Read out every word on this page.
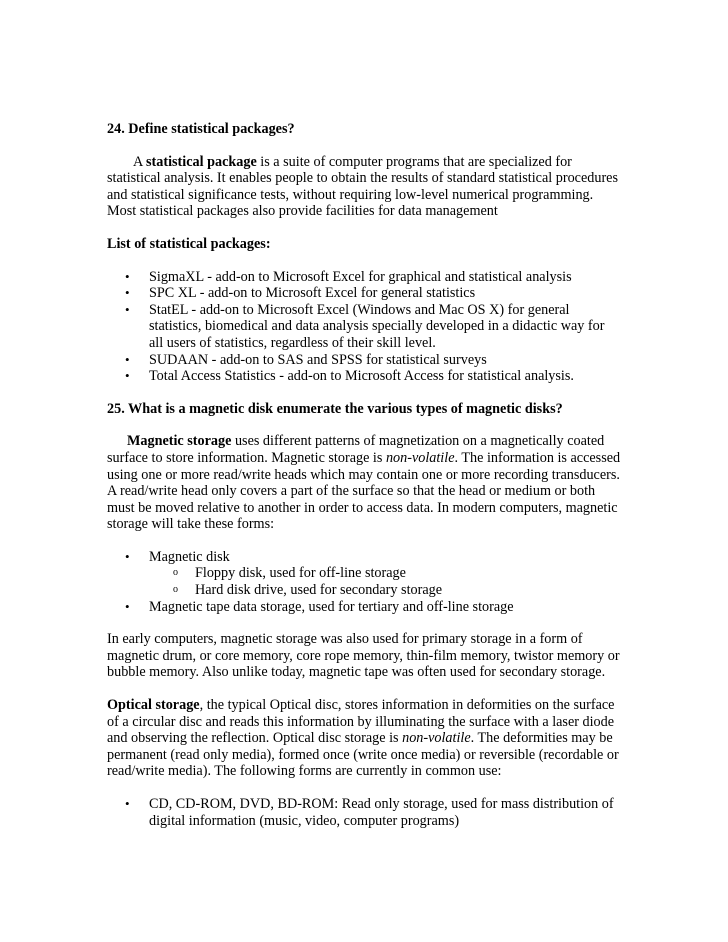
24. Define statistical packages?

A statistical package is a suite of computer programs that are specialized for statistical analysis. It enables people to obtain the results of standard statistical procedures and statistical significance tests, without requiring low-level numerical programming. Most statistical packages also provide facilities for data management

List of statistical packages:

• SigmaXL - add-on to Microsoft Excel for graphical and statistical analysis
• SPC XL - add-on to Microsoft Excel for general statistics
• StatEL - add-on to Microsoft Excel (Windows and Mac OS X) for general statistics, biomedical and data analysis specially developed in a didactic way for all users of statistics, regardless of their skill level.
• SUDAAN - add-on to SAS and SPSS for statistical surveys
• Total Access Statistics - add-on to Microsoft Access for statistical analysis.

25. What is a magnetic disk enumerate the various types of magnetic disks?

Magnetic storage uses different patterns of magnetization on a magnetically coated surface to store information. Magnetic storage is non-volatile. The information is accessed using one or more read/write heads which may contain one or more recording transducers. A read/write head only covers a part of the surface so that the head or medium or both must be moved relative to another in order to access data. In modern computers, magnetic storage will take these forms:

• Magnetic disk
o Floppy disk, used for off-line storage
o Hard disk drive, used for secondary storage
• Magnetic tape data storage, used for tertiary and off-line storage

In early computers, magnetic storage was also used for primary storage in a form of magnetic drum, or core memory, core rope memory, thin-film memory, twistor memory or bubble memory. Also unlike today, magnetic tape was often used for secondary storage.

Optical storage, the typical Optical disc, stores information in deformities on the surface of a circular disc and reads this information by illuminating the surface with a laser diode and observing the reflection. Optical disc storage is non-volatile. The deformities may be permanent (read only media), formed once (write once media) or reversible (recordable or read/write media). The following forms are currently in common use:

• CD, CD-ROM, DVD, BD-ROM: Read only storage, used for mass distribution of digital information (music, video, computer programs)
